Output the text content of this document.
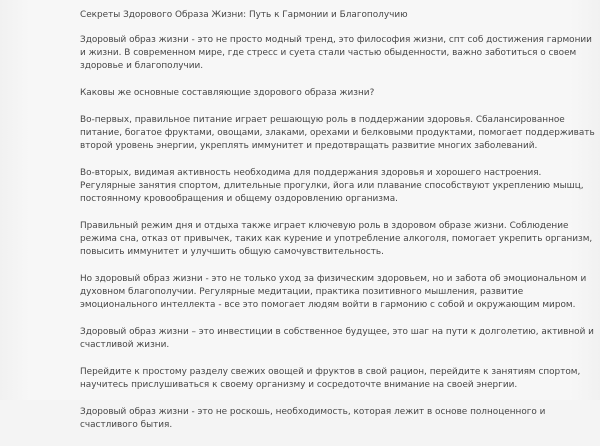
Секреты Здорового Образа Жизни: Путь к Гармонии и Благополучию
Здоровый образ жизни - это не просто модный тренд, это философия жизни, спт соб достижения гармонии
и жизни. В современном мире, где стресс и суета стали частью обыденности, важно заботиться о своем
здоровье и благополучии.
Каковы же основные составляющие здорового образа жизни?
Во-первых, правильное питание играет решающую роль в поддержании здоровья. Сбалансированное
питание, богатое фруктами, овощами, злаками, орехами и белковыми продуктами, помогает поддерживать
второй уровень энергии, укреплять иммунитет и предотвращать развитие многих заболеваний.
Во-вторых, видимая активность необходима для поддержания здоровья и хорошего настроения.
Регулярные занятия спортом, длительные прогулки, йога или плавание способствуют укреплению мышц,
постоянному кровообращения и общему оздоровлению организма.
Правильный режим дня и отдыха также играет ключевую роль в здоровом образе жизни. Соблюдение
режима сна, отказ от привычек, таких как курение и употребление алкоголя, помогает укрепить организм,
повысить иммунитет и улучшить общую самочувствительность.
Но здоровый образ жизни - это не только уход за физическим здоровьем, но и забота об эмоциональном и
духовном благополучии. Регулярные медитации, практика позитивного мышления, развитие
эмоционального интеллекта - все это помогает людям войти в гармонию с собой и окружающим миром.
Здоровый образ жизни – это инвестиции в собственное будущее, это шаг на пути к долголетию, активной и
счастливой жизни.
Перейдите к простому разделу свежих овощей и фруктов в свой рацион, перейдите к занятиям спортом,
научитесь прислушиваться к своему организму и сосредоточте внимание на своей энергии.
Здоровый образ жизни - это не роскошь, необходимость, которая лежит в основе полноценного и
счастливого бытия.
